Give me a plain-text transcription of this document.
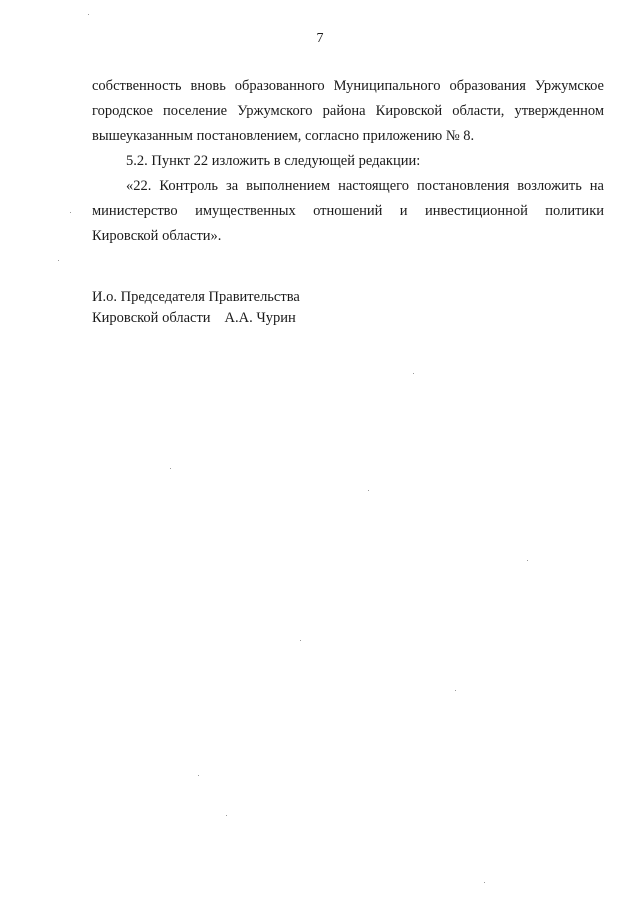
7

собственность вновь образованного Муниципального образования Уржумское
городское поселение Уржумского района Кировской области, утвержденном
вышеуказанным постановлением, согласно приложению № 8.

5.2. Пункт 22 изложить в следующей редакции:

«22. Контроль за выполнением настоящего постановления возложить на
министерство имущественных отношений и инвестиционной политики
Кировской области».

И.о. Председателя Правительства
Кировской области А.А. Чурин
